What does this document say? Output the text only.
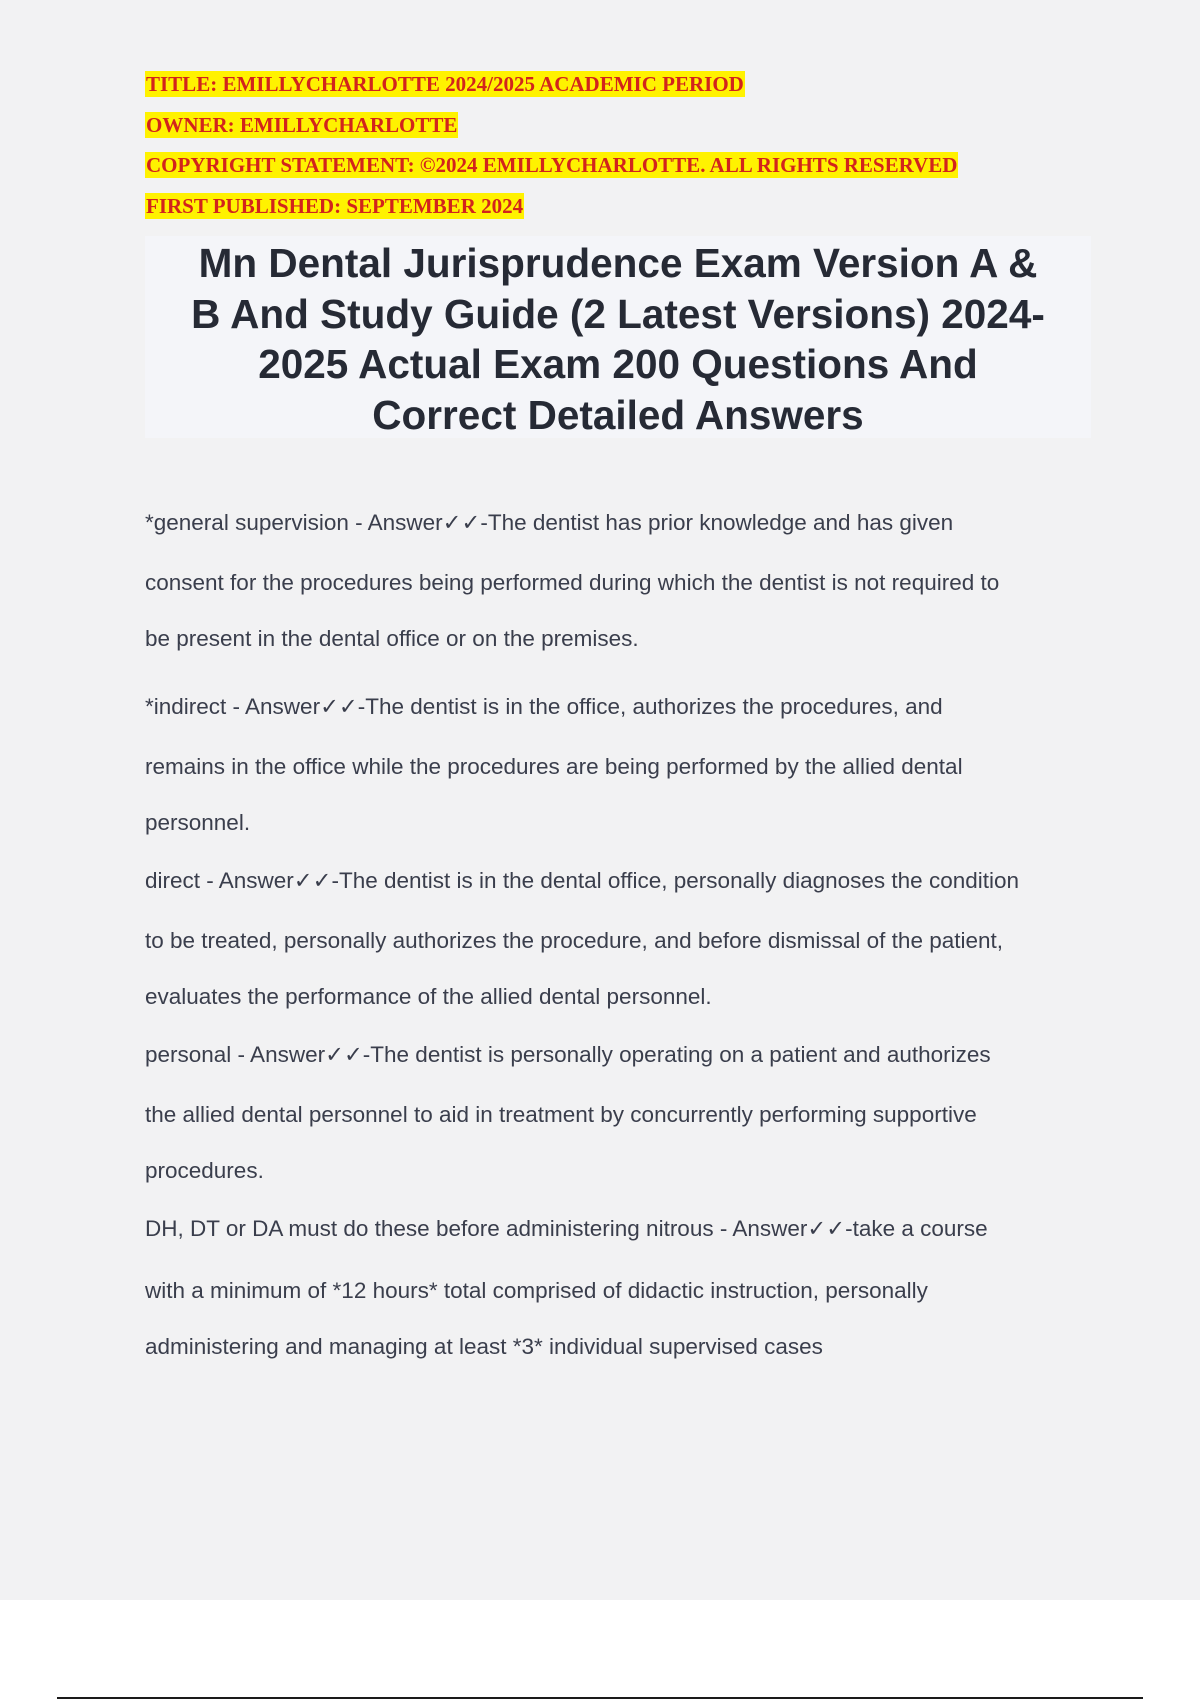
TITLE: EMILLYCHARLOTTE 2024/2025 ACADEMIC PERIOD
OWNER: EMILLYCHARLOTTE
COPYRIGHT STATEMENT: ©2024 EMILLYCHARLOTTE. ALL RIGHTS RESERVED
FIRST PUBLISHED: SEPTEMBER 2024
Mn Dental Jurisprudence Exam Version A &
B And Study Guide (2 Latest Versions) 2024-
2025 Actual Exam 200 Questions And
Correct Detailed Answers
*general supervision - Answer✓✓-The dentist has prior knowledge and has given
consent for the procedures being performed during which the dentist is not required to
be present in the dental office or on the premises.
*indirect - Answer✓✓-The dentist is in the office, authorizes the procedures, and
remains in the office while the procedures are being performed by the allied dental
personnel.
direct - Answer✓✓-The dentist is in the dental office, personally diagnoses the condition
to be treated, personally authorizes the procedure, and before dismissal of the patient,
evaluates the performance of the allied dental personnel.
personal - Answer✓✓-The dentist is personally operating on a patient and authorizes
the allied dental personnel to aid in treatment by concurrently performing supportive
procedures.
DH, DT or DA must do these before administering nitrous - Answer✓✓-take a course
with a minimum of *12 hours* total comprised of didactic instruction, personally
administering and managing at least *3* individual supervised cases
